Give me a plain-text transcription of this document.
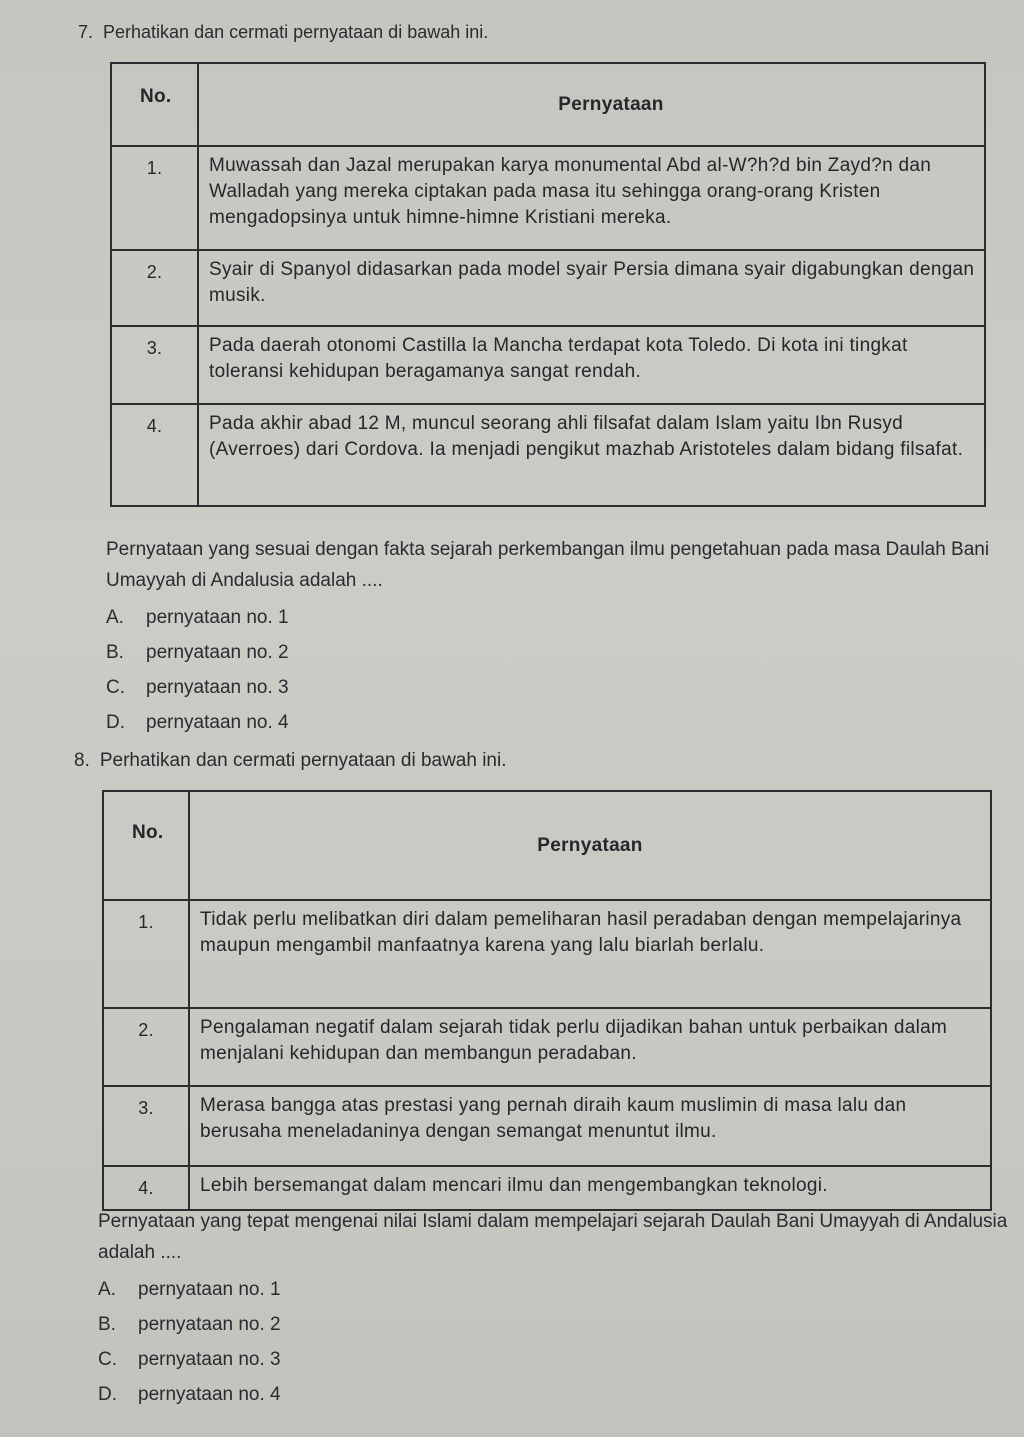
7. Perhatikan dan cermati pernyataan di bawah ini.
No.	Pernyataan
1.	Muwassah dan Jazal merupakan karya monumental Abd al-W?h?d bin Zayd?n dan Walladah yang mereka ciptakan pada masa itu sehingga orang-orang Kristen mengadopsinya untuk himne-himne Kristiani mereka.
2.	Syair di Spanyol didasarkan pada model syair Persia dimana syair digabungkan dengan musik.
3.	Pada daerah otonomi Castilla la Mancha terdapat kota Toledo. Di kota ini tingkat toleransi kehidupan beragamanya sangat rendah.
4.	Pada akhir abad 12 M, muncul seorang ahli filsafat dalam Islam yaitu Ibn Rusyd (Averroes) dari Cordova. Ia menjadi pengikut mazhab Aristoteles dalam bidang filsafat.
Pernyataan yang sesuai dengan fakta sejarah perkembangan ilmu pengetahuan pada masa Daulah Bani Umayyah di Andalusia adalah ....
A.	pernyataan no. 1
B.	pernyataan no. 2
C.	pernyataan no. 3
D.	pernyataan no. 4
8. Perhatikan dan cermati pernyataan di bawah ini.
No.	Pernyataan
1.	Tidak perlu melibatkan diri dalam pemeliharan hasil peradaban dengan mempelajarinya maupun mengambil manfaatnya karena yang lalu biarlah berlalu.
2.	Pengalaman negatif dalam sejarah tidak perlu dijadikan bahan untuk perbaikan dalam menjalani kehidupan dan membangun peradaban.
3.	Merasa bangga atas prestasi yang pernah diraih kaum muslimin di masa lalu dan berusaha meneladaninya dengan semangat menuntut ilmu.
4.	Lebih bersemangat dalam mencari ilmu dan mengembangkan teknologi.
Pernyataan yang tepat mengenai nilai Islami dalam mempelajari sejarah Daulah Bani Umayyah di Andalusia adalah ....
A.	pernyataan no. 1
B.	pernyataan no. 2
C.	pernyataan no. 3
D.	pernyataan no. 4
